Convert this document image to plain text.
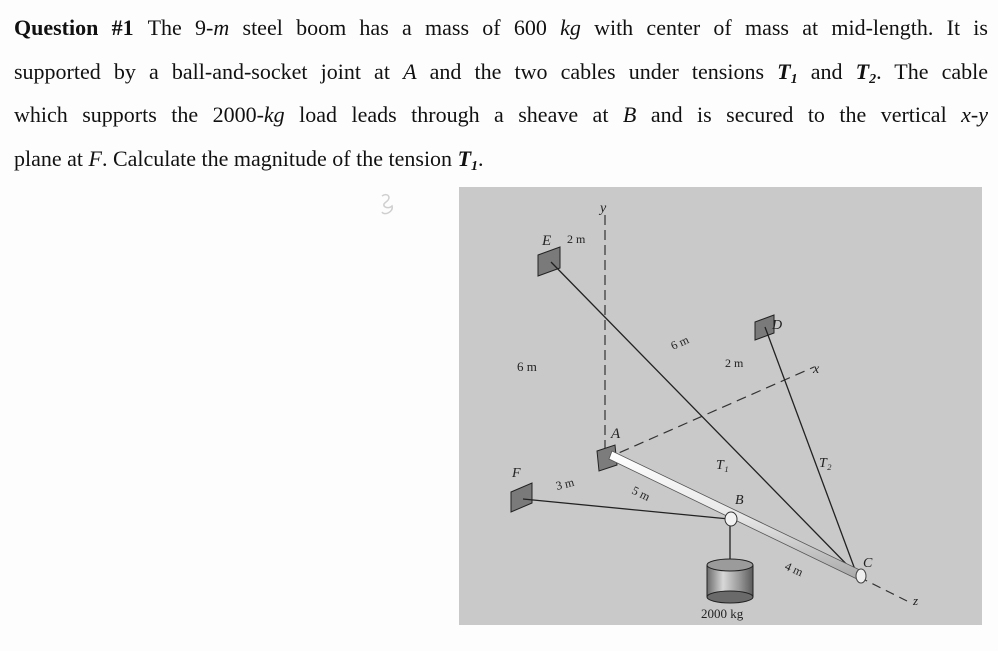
Question #1 The 9-m steel boom has a mass of 600 kg with center of mass at mid-length. It is
supported by a ball-and-socket joint at A and the two cables under tensions $T_1$ and $T_2$. The cable
which supports the 2000-kg load leads through a sheave at B and is secured to the vertical x-y
plane at F. Calculate the magnitude of the tension $T_1$.
y
x
z
E 2 m
D
6 m
6 m
2 m
A
F
3 m	5 m
T₁	T₂
B
4 m	C
2000 kg
